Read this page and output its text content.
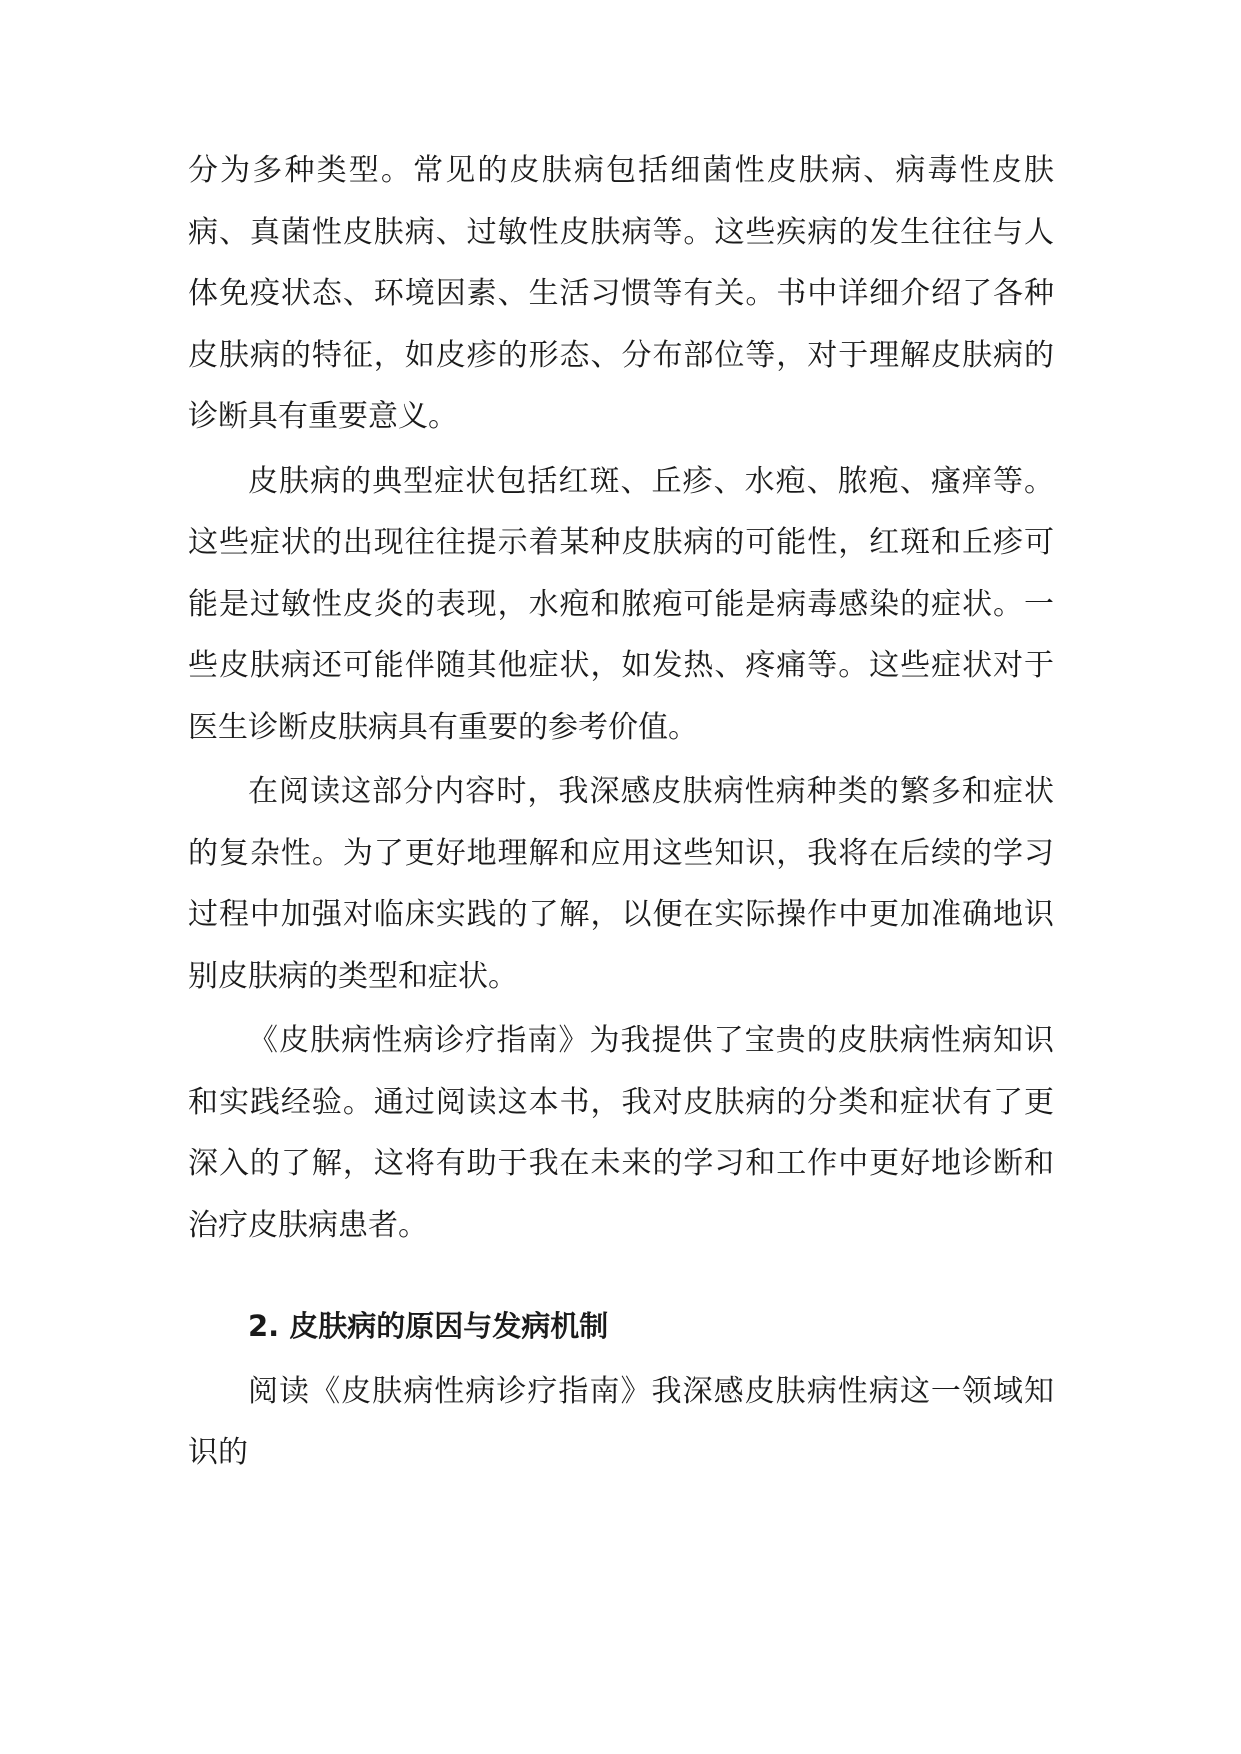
分为多种类型。常见的皮肤病包括细菌性皮肤病、病毒性皮肤病、真菌性皮肤病、过敏性皮肤病等。这些疾病的发生往往与人体免疫状态、环境因素、生活习惯等有关。书中详细介绍了各种皮肤病的特征，如皮疹的形态、分布部位等，对于理解皮肤病的诊断具有重要意义。

皮肤病的典型症状包括红斑、丘疹、水疱、脓疱、瘙痒等。这些症状的出现往往提示着某种皮肤病的可能性，红斑和丘疹可能是过敏性皮炎的表现，水疱和脓疱可能是病毒感染的症状。一些皮肤病还可能伴随其他症状，如发热、疼痛等。这些症状对于医生诊断皮肤病具有重要的参考价值。

在阅读这部分内容时，我深感皮肤病性病种类的繁多和症状的复杂性。为了更好地理解和应用这些知识，我将在后续的学习过程中加强对临床实践的了解，以便在实际操作中更加准确地识别皮肤病的类型和症状。

《皮肤病性病诊疗指南》为我提供了宝贵的皮肤病性病知识和实践经验。通过阅读这本书，我对皮肤病的分类和症状有了更深入的了解，这将有助于我在未来的学习和工作中更好地诊断和治疗皮肤病患者。

2. 皮肤病的原因与发病机制

阅读《皮肤病性病诊疗指南》我深感皮肤病性病这一领域知识的
